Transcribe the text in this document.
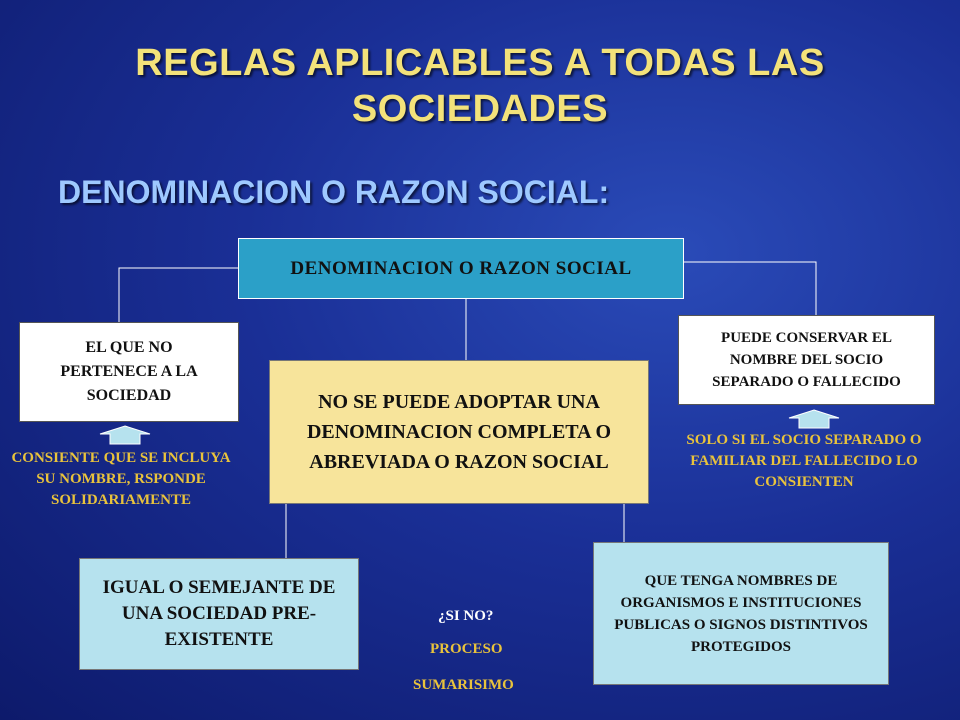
REGLAS APLICABLES A TODAS LAS
SOCIEDADES
DENOMINACION O RAZON SOCIAL:
DENOMINACION O RAZON SOCIAL
EL QUE NO PERTENECE A LA SOCIEDAD
PUEDE CONSERVAR EL NOMBRE DEL SOCIO SEPARADO O FALLECIDO
NO SE PUEDE ADOPTAR UNA DENOMINACION COMPLETA O ABREVIADA O RAZON SOCIAL
IGUAL O SEMEJANTE DE UNA SOCIEDAD PRE-EXISTENTE
QUE TENGA NOMBRES DE ORGANISMOS E INSTITUCIONES PUBLICAS O SIGNOS DISTINTIVOS PROTEGIDOS
CONSIENTE QUE SE INCLUYA SU NOMBRE, RSPONDE SOLIDARIAMENTE
SOLO SI EL SOCIO SEPARADO O FAMILIAR DEL FALLECIDO LO CONSIENTEN
¿SI NO?
PROCESO
SUMARISIMO
